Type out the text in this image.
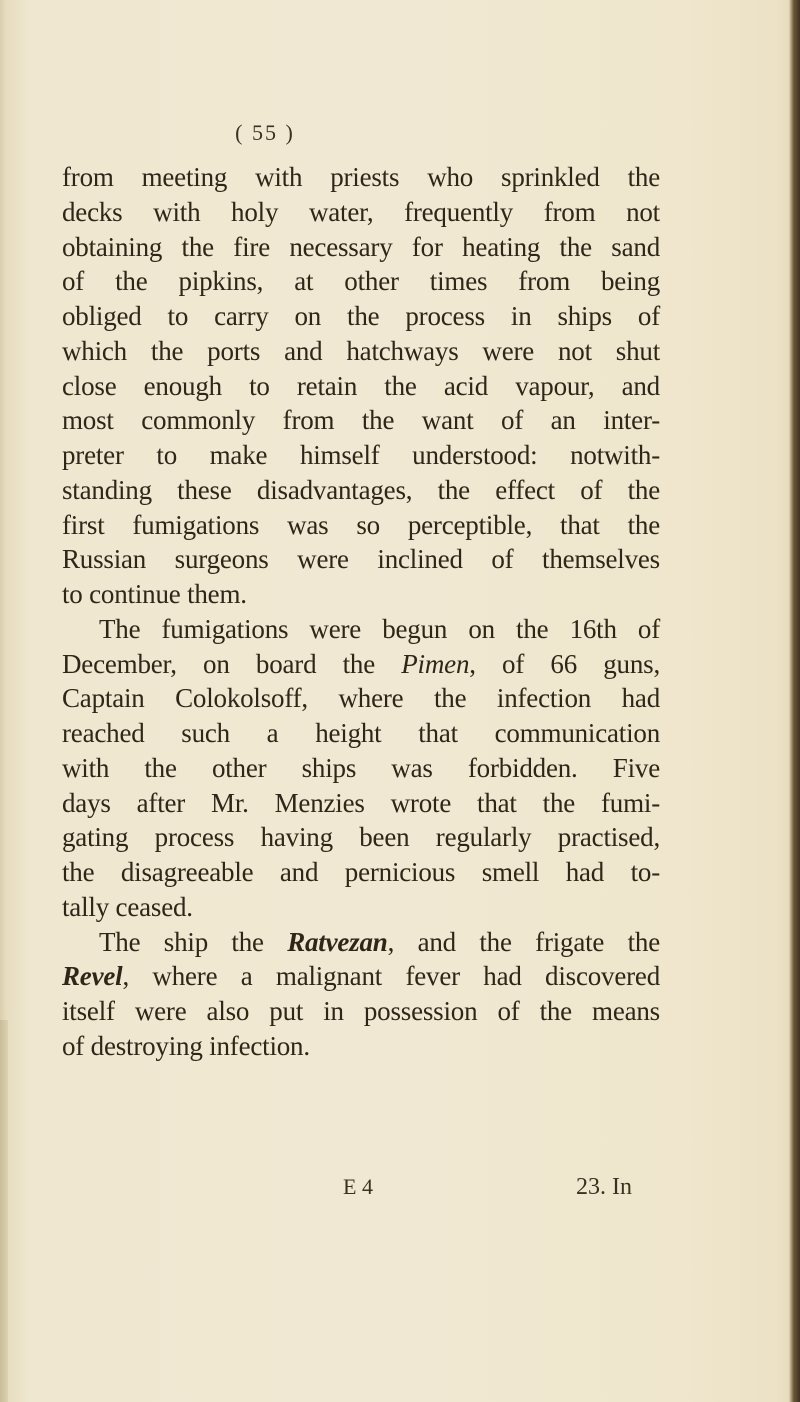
( 55 )
from meeting with priests who sprinkled the
decks with holy water, frequently from not
obtaining the fire necessary for heating the sand
of the pipkins, at other times from being
obliged to carry on the process in ships of
which the ports and hatchways were not shut
close enough to retain the acid vapour, and
most commonly from the want of an inter-
preter to make himself understood: notwith-
standing these disadvantages, the effect of the
first fumigations was so perceptible, that the
Russian surgeons were inclined of themselves
to continue them.
The fumigations were begun on the 16th of
December, on board the Pimen, of 66 guns,
Captain Colokolsoff, where the infection had
reached such a height that communication
with the other ships was forbidden. Five
days after Mr. Menzies wrote that the fumi-
gating process having been regularly practised,
the disagreeable and pernicious smell had to-
tally ceased.
The ship the Ratvezan, and the frigate the
Revel, where a malignant fever had discovered
itself were also put in possession of the means
of destroying infection.
E 4	23. In
